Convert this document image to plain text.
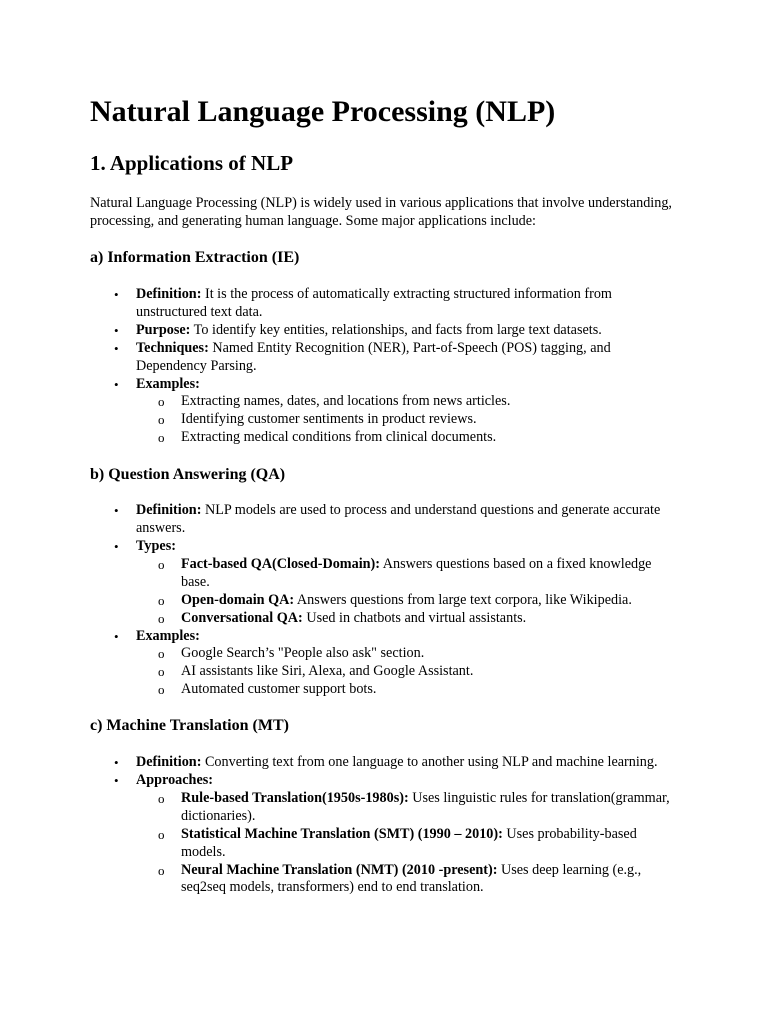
Natural Language Processing (NLP)
1. Applications of NLP

Natural Language Processing (NLP) is widely used in various applications that involve understanding, processing, and generating human language. Some major applications include:

a) Information Extraction (IE)
• Definition: It is the process of automatically extracting structured information from unstructured text data.
• Purpose: To identify key entities, relationships, and facts from large text datasets.
• Techniques: Named Entity Recognition (NER), Part-of-Speech (POS) tagging, and Dependency Parsing.
• Examples:
o Extracting names, dates, and locations from news articles.
o Identifying customer sentiments in product reviews.
o Extracting medical conditions from clinical documents.
b) Question Answering (QA)
• Definition: NLP models are used to process and understand questions and generate accurate answers.
• Types:
o Fact-based QA(Closed-Domain): Answers questions based on a fixed knowledge base.
o Open-domain QA: Answers questions from large text corpora, like Wikipedia.
o Conversational QA: Used in chatbots and virtual assistants.
• Examples:
o Google Search’s "People also ask" section.
o AI assistants like Siri, Alexa, and Google Assistant.
o Automated customer support bots.
c) Machine Translation (MT)
• Definition: Converting text from one language to another using NLP and machine learning.
• Approaches:
o Rule-based Translation(1950s-1980s): Uses linguistic rules for translation(grammar, dictionaries).
o Statistical Machine Translation (SMT) (1990 – 2010): Uses probability-based models.
o Neural Machine Translation (NMT) (2010 -present): Uses deep learning (e.g., seq2seq models, transformers) end to end translation.
